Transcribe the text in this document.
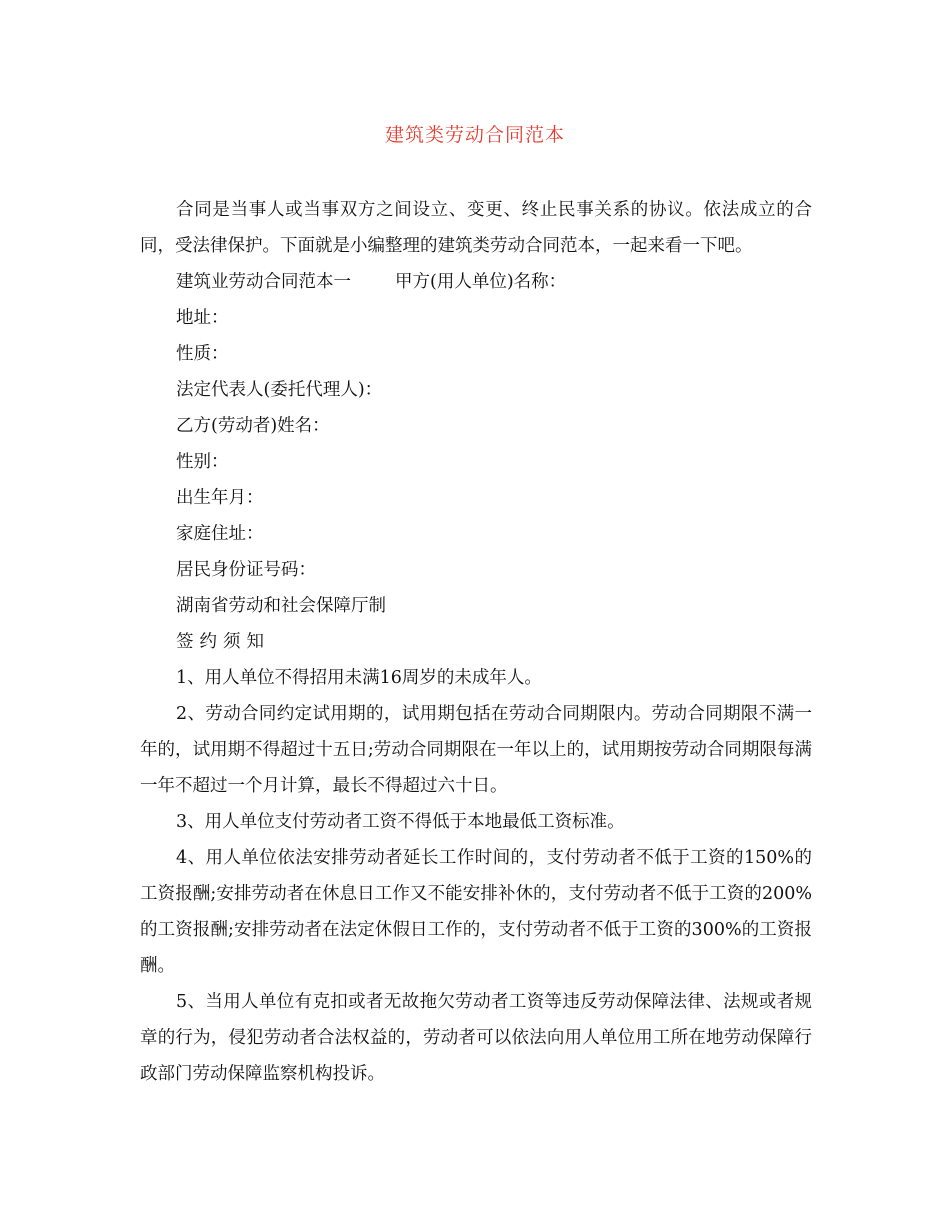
建筑类劳动合同范本

合同是当事人或当事双方之间设立、变更、终止民事关系的协议。依法成立的合同，受法律保护。下面就是小编整理的建筑类劳动合同范本，一起来看一下吧。

建筑业劳动合同范本一	甲方(用人单位)名称：

地址：

性质：

法定代表人(委托代理人)：

乙方(劳动者)姓名：

性别：

出生年月：

家庭住址：

居民身份证号码：

湖南省劳动和社会保障厅制

签约须知

1、用人单位不得招用未满16周岁的未成年人。

2、劳动合同约定试用期的，试用期包括在劳动合同期限内。劳动合同期限不满一年的，试用期不得超过十五日;劳动合同期限在一年以上的，试用期按劳动合同期限每满一年不超过一个月计算，最长不得超过六十日。

3、用人单位支付劳动者工资不得低于本地最低工资标准。

4、用人单位依法安排劳动者延长工作时间的，支付劳动者不低于工资的150%的工资报酬;安排劳动者在休息日工作又不能安排补休的，支付劳动者不低于工资的200%的工资报酬;安排劳动者在法定休假日工作的，支付劳动者不低于工资的300%的工资报酬。

5、当用人单位有克扣或者无故拖欠劳动者工资等违反劳动保障法律、法规或者规章的行为，侵犯劳动者合法权益的，劳动者可以依法向用人单位用工所在地劳动保障行政部门劳动保障监察机构投诉。
